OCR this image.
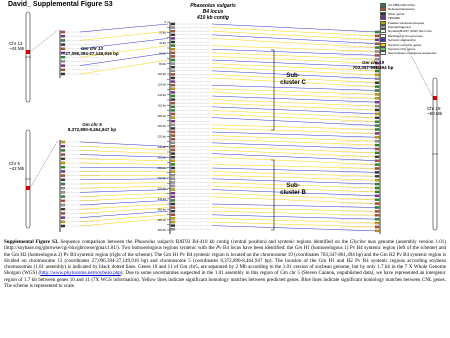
0
20 kb
40 kb
60 kb
80 kb
100 kb
120 kb
140 kb
160 kb
180 kb
200 kb
220 kb
240 kb
260 kb
280 kb
300 kb
320 kb
340 kb
360 kb
380 kb
400 kb
David_ Supplemental Figure S3	Phaseolus vulgaris
B4 locus
410 kb contig
Chr 13
~44 Mb
Chr 5
~42 Mb
Chr 19
~50 Mb
Gm chr 13
27,096,394-27,149,916 bp
Gm chr 5
8,372,890-8,464,947 bp
Gm chr 19
703,347-861,494 bp
Sub-
cluster C
Sub-
cluster B
CC-NBS-LRR (CNL)
Defense/transposon
Other genes
TIR/NBS
Putative transposon/repeat
Pseudo/fragment
Number BLAST (HSP) hits in the
Medicago & Gm genomes
Syntenic relationship
Syntenic non-CNL genes
Syntenic CNL genes
Gap between contiguous sequences
Supplemental Figure S3. Sequence comparison between the Phaseolus vulgaris BAT93 B4-410 kb contig (central position) and syntenic regions identified on the Glycine max genome (assembly version 1.01) (http://soybase.org/gbrowse/cgi-bin/gbrowse/gmax1.01/). Two homoeologous regions syntenic with the Pv B4 locus have been identified: the Gm H1 (homoeologous 1) Pv B4 syntenic region (left of the scheme) and the Gm H2 (homeologous 2) Pv B4 syntenic region (right of the scheme). The Gm H1 Pv B4 syntenic region is located on the chromosome 19 (coordinates 703,347-861,494 bp) and the Gm H2 Pv B4 syntenic region is divided on chromosome 13 (coordinates 27,096,394-27,149,916 bp) and chromosome 5 (coordinates 8,372,890-8,464,947 bp). The location of the Gm H1 and H2 Pv B4 syntenic regions according soybean chromosomes (1.01 assembly) is indicated by black dotted lines. Genes 10 and 11 of Gm chr5, are separated by 2 Mb according to the 1.01 version of soybean genome, but by only 1.7 kb in the 7 X Whole Genome Shotgun (WGS) (http://www.phytozome.net/soybean.php). Due to some uncertainties suspected in the 1.01 assembly in this region of Gm chr 5 (Steven Cannon, unpublished data), we have represented an intergenic region of 1.7 kb between genes 10 and 11 (7X WGS information). Yellow lines indicate significant homology matches between predicted genes. Blue lines indicate significant homology matches between CNL genes. The scheme is represented to scale.
